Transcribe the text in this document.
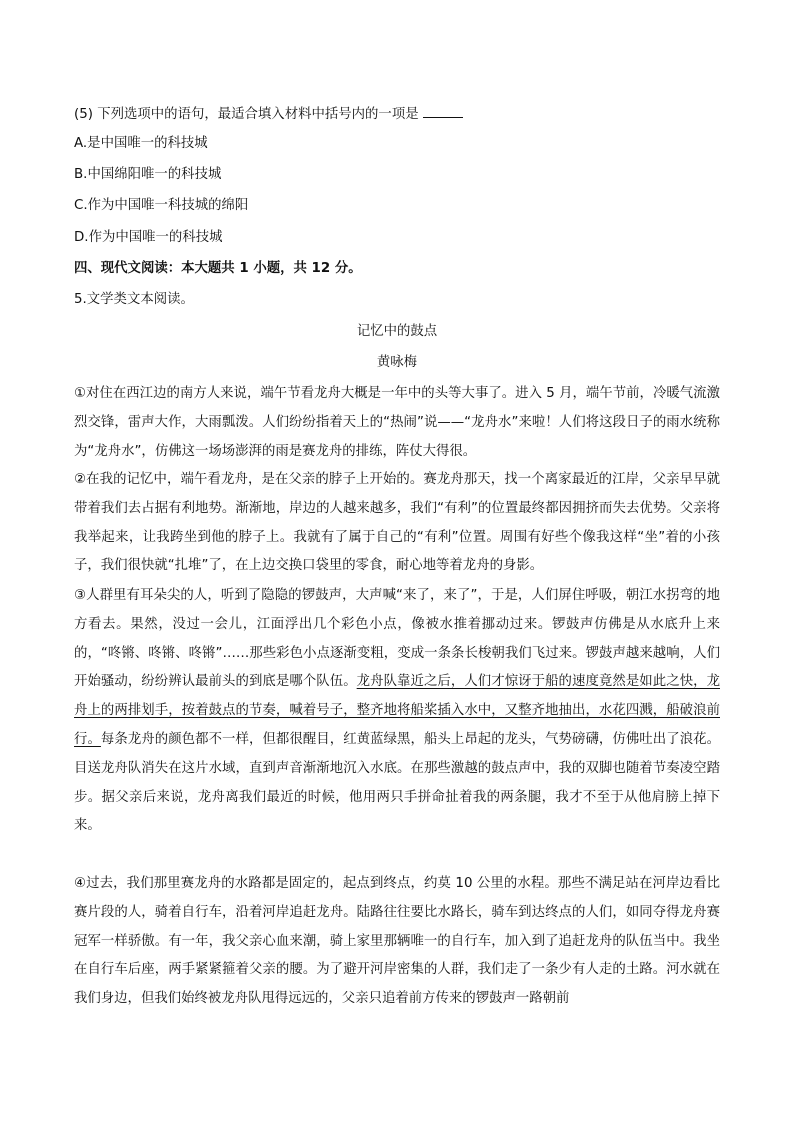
(5) 下列选项中的语句，最适合填入材料中括号内的一项是
A.是中国唯一的科技城
B.中国绵阳唯一的科技城
C.作为中国唯一科技城的绵阳
D.作为中国唯一的科技城
四、现代文阅读：本大题共 1 小题，共 12 分。
5.文学类文本阅读。
记忆中的鼓点
黄咏梅

①对住在西江边的南方人来说，端午节看龙舟大概是一年中的头等大事了。进入 5 月，端午节前，冷暖气流激烈交锋，雷声大作，大雨瓢泼。人们纷纷指着天上的“热闹”说——“龙舟水”来啦！人们将这段日子的雨水统称为“龙舟水”，仿佛这一场场澎湃的雨是赛龙舟的排练，阵仗大得很。

②在我的记忆中，端午看龙舟，是在父亲的脖子上开始的。赛龙舟那天，找一个离家最近的江岸，父亲早早就带着我们去占据有利地势。渐渐地，岸边的人越来越多，我们“有利”的位置最终都因拥挤而失去优势。父亲将我举起来，让我跨坐到他的脖子上。我就有了属于自己的“有利”位置。周围有好些个像我这样“坐”着的小孩子，我们很快就“扎堆”了，在上边交换口袋里的零食，耐心地等着龙舟的身影。

③人群里有耳朵尖的人，听到了隐隐的锣鼓声，大声喊“来了，来了”，于是，人们屏住呼吸，朝江水拐弯的地方看去。果然，没过一会儿，江面浮出几个彩色小点，像被水推着挪动过来。锣鼓声仿佛是从水底升上来的，“咚锵、咚锵、咚锵”……那些彩色小点逐渐变粗，变成一条条长梭朝我们飞过来。锣鼓声越来越响，人们开始骚动，纷纷辨认最前头的到底是哪个队伍。龙舟队靠近之后，人们才惊讶于船的速度竟然是如此之快，龙舟上的两排划手，按着鼓点的节奏，喊着号子，整齐地将船桨插入水中，又整齐地抽出，水花四溅，船破浪前行。每条龙舟的颜色都不一样，但都很醒目，红黄蓝绿黑，船头上昂起的龙头，气势磅礴，仿佛吐出了浪花。目送龙舟队消失在这片水域，直到声音渐渐地沉入水底。在那些激越的鼓点声中，我的双脚也随着节奏凌空踏步。据父亲后来说，龙舟离我们最近的时候，他用两只手拼命扯着我的两条腿，我才不至于从他肩膀上掉下来。

④过去，我们那里赛龙舟的水路都是固定的，起点到终点，约莫 10 公里的水程。那些不满足站在河岸边看比赛片段的人，骑着自行车，沿着河岸追赶龙舟。陆路往往要比水路长，骑车到达终点的人们，如同夺得龙舟赛冠军一样骄傲。有一年，我父亲心血来潮，骑上家里那辆唯一的自行车，加入到了追赶龙舟的队伍当中。我坐在自行车后座，两手紧紧箍着父亲的腰。为了避开河岸密集的人群，我们走了一条少有人走的土路。河水就在我们身边，但我们始终被龙舟队甩得远远的，父亲只追着前方传来的锣鼓声一路朝前
